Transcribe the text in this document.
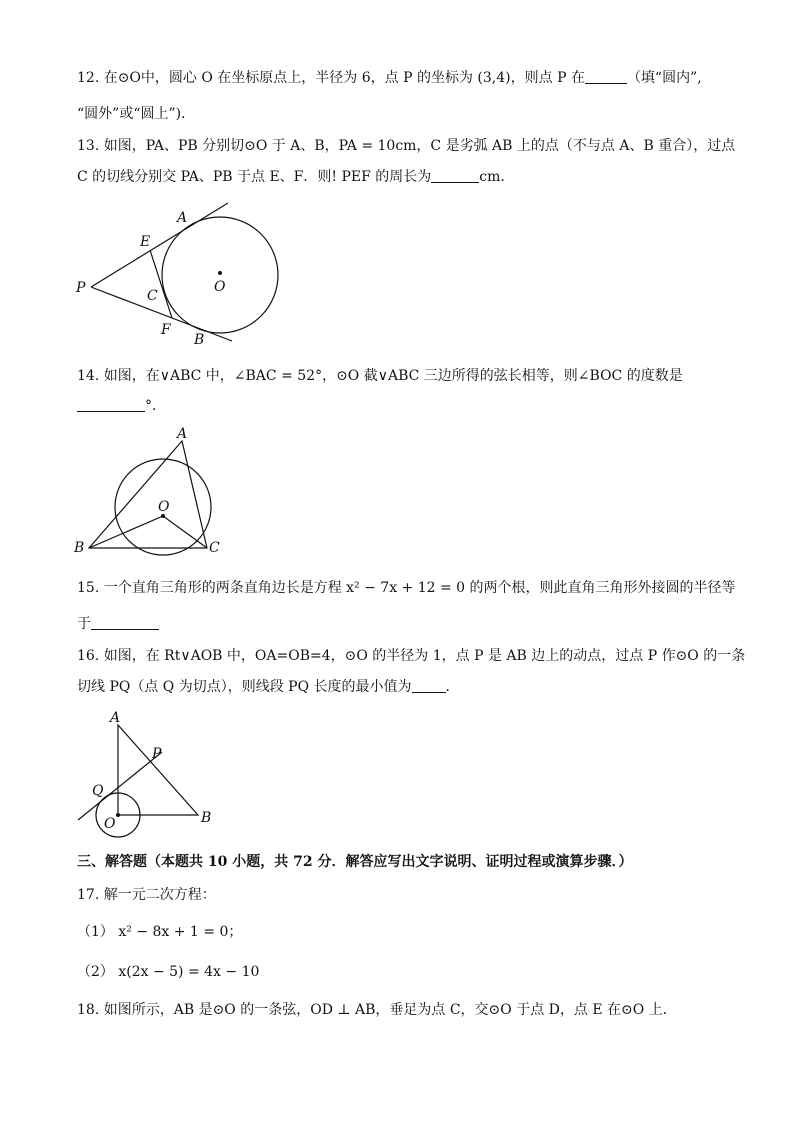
12. 在⊙O中，圆心 O 在坐标原点上，半径为 6，点 P 的坐标为 (3,4)，则点 P 在	（填“圆内”,
“圆外”或“圆上”)．
13. 如图，PA、PB 分别切⊙O 于 A、B，PA = 10cm，C 是劣弧 AB 上的点（不与点 A、B 重合），过点
C 的切线分别交 PA、PB 于点 E、F．则! PEF 的周长为	cm．
A
E
P	C
O
F
B
14. 如图，在∨ABC 中，∠BAC = 52°，⊙O 截∨ABC 三边所得的弦长相等，则∠BOC 的度数是
°．
A
O
B	C
15. 一个直角三角形的两条直角边长是方程 x² − 7x + 12 = 0 的两个根，则此直角三角形外接圆的半径等
于
16. 如图，在 Rt∨AOB 中，OA=OB=4，⊙O 的半径为 1，点 P 是 AB 边上的动点，过点 P 作⊙O 的一条
切线 PQ（点 Q 为切点），则线段 PQ 长度的最小值为 ．
A
P
Q
O	B
三、解答题（本题共 10 小题，共 72 分．解答应写出文字说明、证明过程或演算步骤．）
17. 解一元二次方程：
（1） x² − 8x + 1 = 0；
（2） x(2x − 5) = 4x − 10
18. 如图所示，AB 是⊙O 的一条弦，OD ⊥ AB，垂足为点 C，交⊙O 于点 D，点 E 在⊙O 上．
